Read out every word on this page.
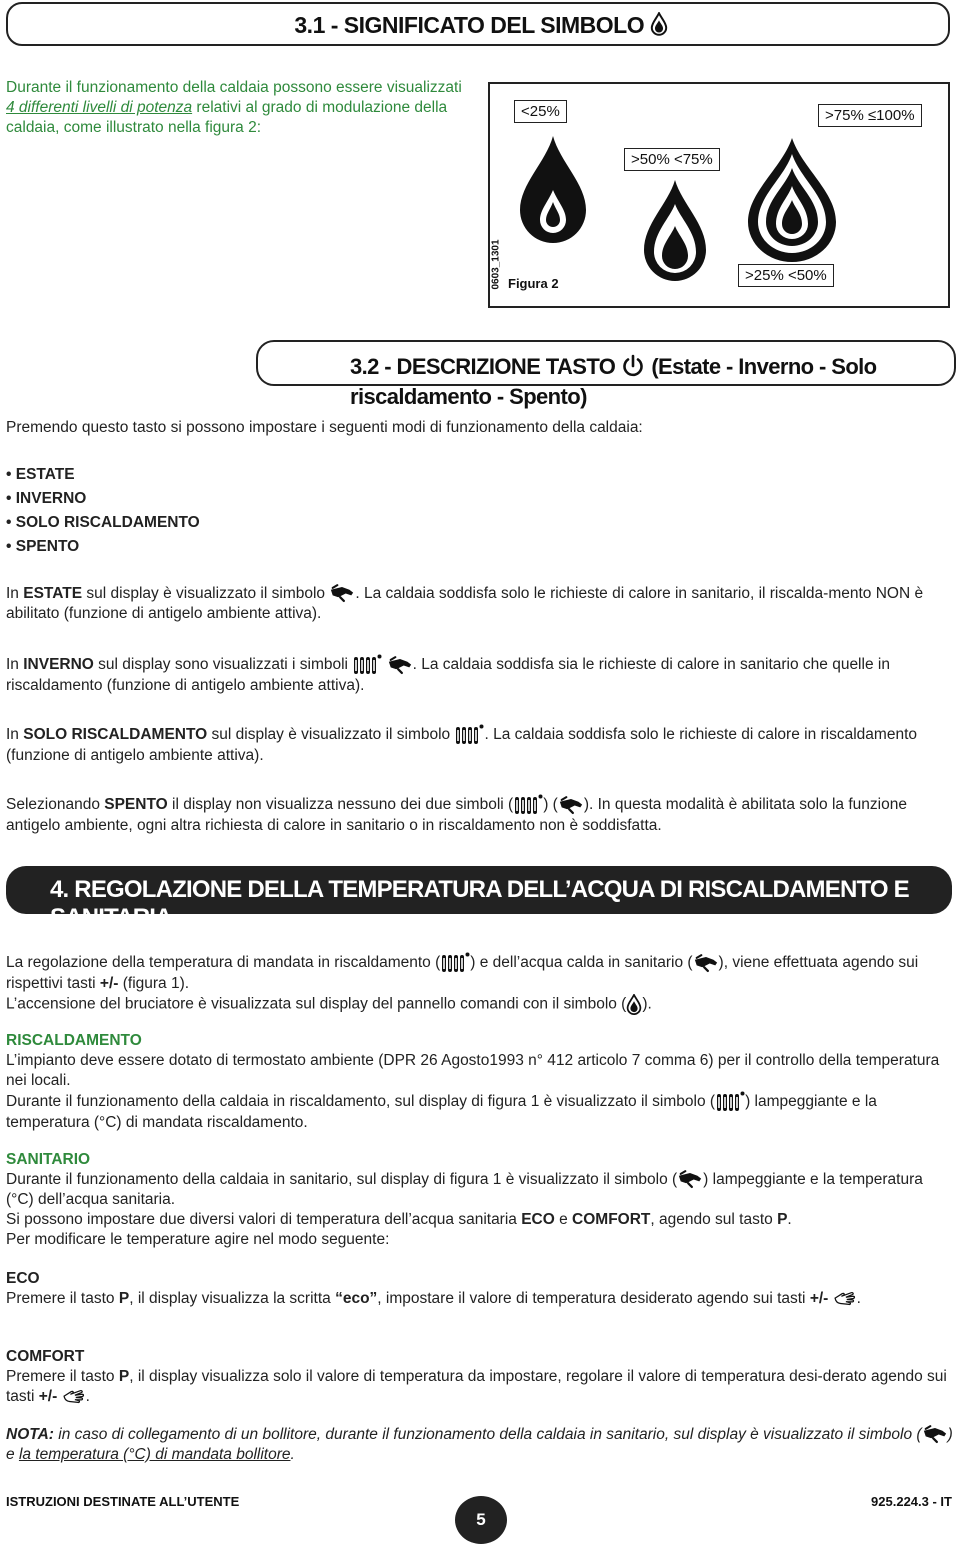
3.1 - SIGNIFICATO DEL SIMBOLO
Durante il funzionamento della caldaia possono essere visualizzati 4 differenti livelli di potenza relativi al grado di modulazione della caldaia, come illustrato nella figura 2:
<25%	>75% ≤100%
>50% <75%
>25% <50%
0603_1301 Figura 2
3.2 - DESCRIZIONE TASTO (Estate - Inverno - Solo riscaldamento - Spento)
Premendo questo tasto si possono impostare i seguenti modi di funzionamento della caldaia:
• ESTATE
• INVERNO
• SOLO RISCALDAMENTO
• SPENTO
In ESTATE sul display è visualizzato il simbolo
. La caldaia soddisfa solo le richieste di calore in sanitario, il riscalda-mento NON è abilitato (funzione di antigelo ambiente attiva).
In INVERNO sul display sono visualizzati i simboli
	. La caldaia soddisfa sia le richieste di calore in sanitario che quelle in riscaldamento (funzione di antigelo ambiente attiva).
In SOLO RISCALDAMENTO sul display è visualizzato il simbolo
. La caldaia soddisfa solo le richieste di calore in riscaldamento (funzione di antigelo ambiente attiva).
Selezionando SPENTO il display non visualizza nessuno dei due simboli ( ) ( ). In questa modalità è abilitata solo la funzione antigelo ambiente, ogni altra richiesta di calore in sanitario o in riscaldamento non è soddisfatta.
4. REGOLAZIONE DELLA TEMPERATURA DELL’ACQUA DI RISCALDAMENTO E SANITARIA
La regolazione della temperatura di mandata in riscaldamento ( ) e dell’acqua calda in sanitario ( ), viene effettuata agendo sui rispettivi tasti +/- (figura 1).
L’accensione del bruciatore è visualizzata sul display del pannello comandi con il simbolo ( ).
RISCALDAMENTO
L’impianto deve essere dotato di termostato ambiente (DPR 26 Agosto1993 n° 412 articolo 7 comma 6) per il controllo della temperatura nei locali.
Durante il funzionamento della caldaia in riscaldamento, sul display di figura 1 è visualizzato il simbolo ( ) lampeggiante e la temperatura (°C) di mandata riscaldamento.
SANITARIO
Durante il funzionamento della caldaia in sanitario, sul display di figura 1 è visualizzato il simbolo ( ) lampeggiante e la temperatura (°C) dell’acqua sanitaria.
Si possono impostare due diversi valori di temperatura dell’acqua sanitaria ECO e COMFORT, agendo sul tasto P.
Per modificare le temperature agire nel modo seguente:
ECO
Premere il tasto P, il display visualizza la scritta “eco”, impostare il valore di temperatura desiderato agendo sui tasti +/- .
COMFORT
Premere il tasto P, il display visualizza solo il valore di temperatura da impostare, regolare il valore di temperatura desi-derato agendo sui tasti +/- .
NOTA: in caso di collegamento di un bollitore, durante il funzionamento della caldaia in sanitario, sul display è visualizzato il simbolo ( ) e la temperatura (°C) di mandata bollitore.
ISTRUZIONI DESTINATE ALL’UTENTE
5
925.224.3 - IT
